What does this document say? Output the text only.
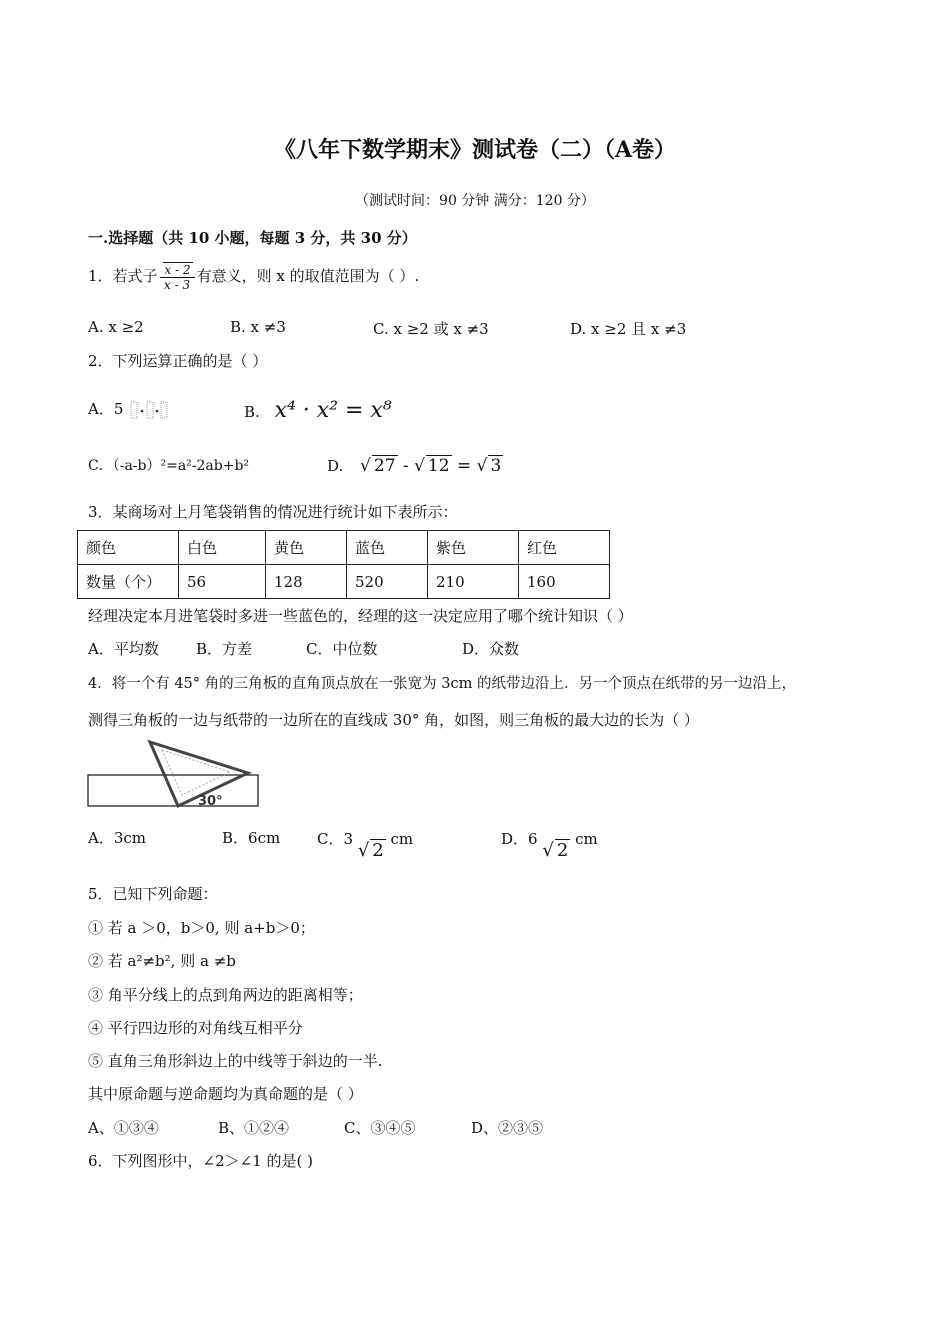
《八年下数学期末》测试卷（二）（A卷）
（测试时间：90 分钟 满分：120 分）
一.选择题（共 10 小题，每题 3 分，共 30 分）
1．若式子 $\frac{x - 2}{x - 3}$ 有意义，则 x 的取值范围为（ ）.
A. x ≥2	B. x ≠3	C. x ≥2 或 x ≠3	D. x ≥2 且 x ≠3
2．下列运算正确的是（ ）
A．5	B. x⁴ · x² = x⁸
C．（-a-b）²=a²-2ab+b²	D. √ 27 - √ 12 = √ 3
3．某商场对上月笔袋销售的情况进行统计如下表所示：
颜色	白色	黄色	蓝色	紫色	红色
数量（个）	56	128	520	210	160
经理决定本月进笔袋时多进一些蓝色的，经理的这一决定应用了哪个统计知识（ ）
A．平均数 B．方差	C．中位数	D．众数
4．将一个有 45° 角的三角板的直角顶点放在一张宽为 3cm 的纸带边沿上．另一个顶点在纸带的另一边沿上，
测得三角板的一边与纸带的一边所在的直线成 30° 角，如图，则三角板的最大边的长为（ ）
30°
A．3cm	B．6cm C．3 √ 2 cm	D．6 √ 2 cm
5．已知下列命题：
① 若 a ＞0，b＞0, 则 a+b＞0；
② 若 a²≠b², 则 a ≠b
③ 角平分线上的点到角两边的距离相等；
④ 平行四边形的对角线互相平分
⑤ 直角三角形斜边上的中线等于斜边的一半.
其中原命题与逆命题均为真命题的是（ ）
A、①③④	B、①②④	C、③④⑤	D、②③⑤
6．下列图形中，∠2＞∠1 的是( )
